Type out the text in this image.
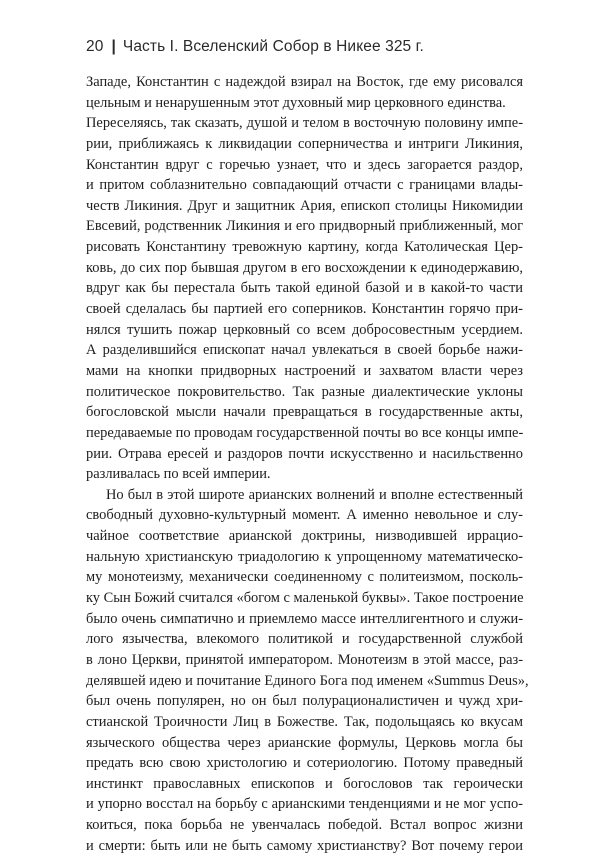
20 | Часть I. Вселенский Собор в Никее 325 г.
Западе, Константин с надеждой взирал на Восток, где ему рисовался
цельным и ненарушенным этот духовный мир церковного единства.
Переселяясь, так сказать, душой и телом в восточную половину импе-
рии, приближаясь к ликвидации соперничества и интриги Ликиния,
Константин вдруг с горечью узнает, что и здесь загорается раздор,
и притом соблазнительно совпадающий отчасти с границами влады-
честв Ликиния. Друг и защитник Ария, епископ столицы Никомидии
Евсевий, родственник Ликиния и его придворный приближенный, мог
рисовать Константину тревожную картину, когда Католическая Цер-
ковь, до сих пор бывшая другом в его восхождении к единодержавию,
вдруг как бы перестала быть такой единой базой и в какой-то части
своей сделалась бы партией его соперников. Константин горячо при-
нялся тушить пожар церковный со всем добросовестным усердием.
А разделившийся епископат начал увлекаться в своей борьбе нажи-
мами на кнопки придворных настроений и захватом власти через
политическое покровительство. Так разные диалектические уклоны
богословской мысли начали превращаться в государственные акты,
передаваемые по проводам государственной почты во все концы импе-
рии. Отрава ересей и раздоров почти искусственно и насильственно
разливалась по всей империи.
Но был в этой широте арианских волнений и вполне естественный
свободный духовно-культурный момент. А именно невольное и слу-
чайное соответствие арианской доктрины, низводившей иррацио-
нальную христианскую триадологию к упрощенному математическо-
му монотеизму, механически соединенному с политеизмом, посколь-
ку Сын Божий считался «богом с маленькой буквы». Такое построение
было очень симпатично и приемлемо массе интеллигентного и служи-
лого язычества, влекомого политикой и государственной службой
в лоно Церкви, принятой императором. Монотеизм в этой массе, раз-
делявшей идею и почитание Единого Бога под именем «Summus Deus»,
был очень популярен, но он был полурационалистичен и чужд хри-
стианской Троичности Лиц в Божестве. Так, подольщаясь ко вкусам
языческого общества через арианские формулы, Церковь могла бы
предать всю свою христологию и сотериологию. Потому праведный
инстинкт православных епископов и богословов так героически
и упорно восстал на борьбу с арианскими тенденциями и не мог успо-
коиться, пока борьба не увенчалась победой. Встал вопрос жизни
и смерти: быть или не быть самому христианству? Вот почему герои
